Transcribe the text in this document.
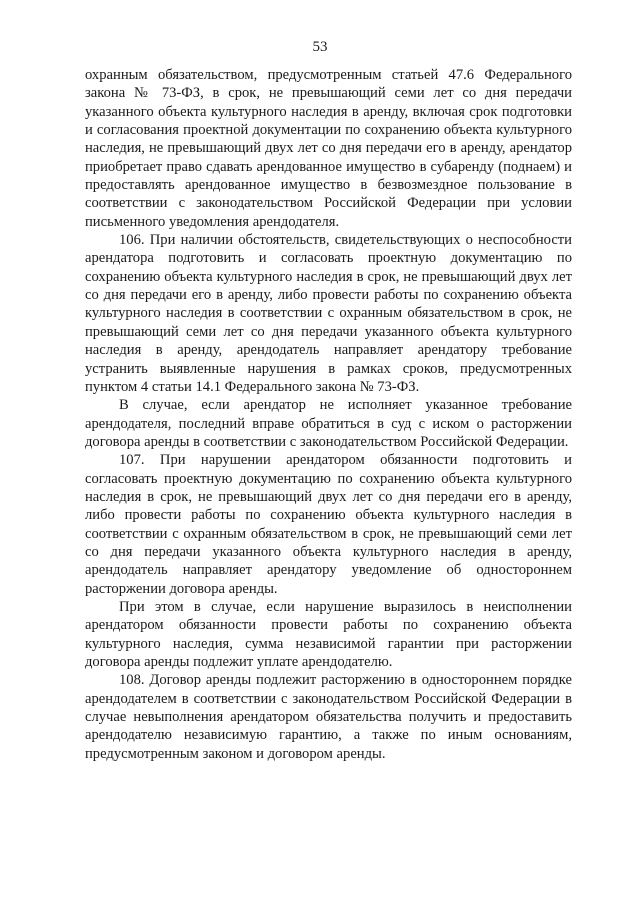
53

охранным обязательством, предусмотренным статьей 47.6 Федерального закона № 73-ФЗ, в срок, не превышающий семи лет со дня передачи указанного объекта культурного наследия в аренду, включая срок подготовки и согласования проектной документации по сохранению объекта культурного наследия, не превышающий двух лет со дня передачи его в аренду, арендатор приобретает право сдавать арендованное имущество в субаренду (поднаем) и предоставлять арендованное имущество в безвозмездное пользование в соответствии с законодательством Российской Федерации при условии письменного уведомления арендодателя.

106. При наличии обстоятельств, свидетельствующих о неспособности арендатора подготовить и согласовать проектную документацию по сохранению объекта культурного наследия в срок, не превышающий двух лет со дня передачи его в аренду, либо провести работы по сохранению объекта культурного наследия в соответствии с охранным обязательством в срок, не превышающий семи лет со дня передачи указанного объекта культурного наследия в аренду, арендодатель направляет арендатору требование устранить выявленные нарушения в рамках сроков, предусмотренных пунктом 4 статьи 14.1 Федерального закона № 73-ФЗ.

В случае, если арендатор не исполняет указанное требование арендодателя, последний вправе обратиться в суд с иском о расторжении договора аренды в соответствии с законодательством Российской Федерации.

107. При нарушении арендатором обязанности подготовить и согласовать проектную документацию по сохранению объекта культурного наследия в срок, не превышающий двух лет со дня передачи его в аренду, либо провести работы по сохранению объекта культурного наследия в соответствии с охранным обязательством в срок, не превышающий семи лет со дня передачи указанного объекта культурного наследия в аренду, арендодатель направляет арендатору уведомление об одностороннем расторжении договора аренды.

При этом в случае, если нарушение выразилось в неисполнении арендатором обязанности провести работы по сохранению объекта культурного наследия, сумма независимой гарантии при расторжении договора аренды подлежит уплате арендодателю.

108. Договор аренды подлежит расторжению в одностороннем порядке арендодателем в соответствии с законодательством Российской Федерации в случае невыполнения арендатором обязательства получить и предоставить арендодателю независимую гарантию, а также по иным основаниям, предусмотренным законом и договором аренды.
